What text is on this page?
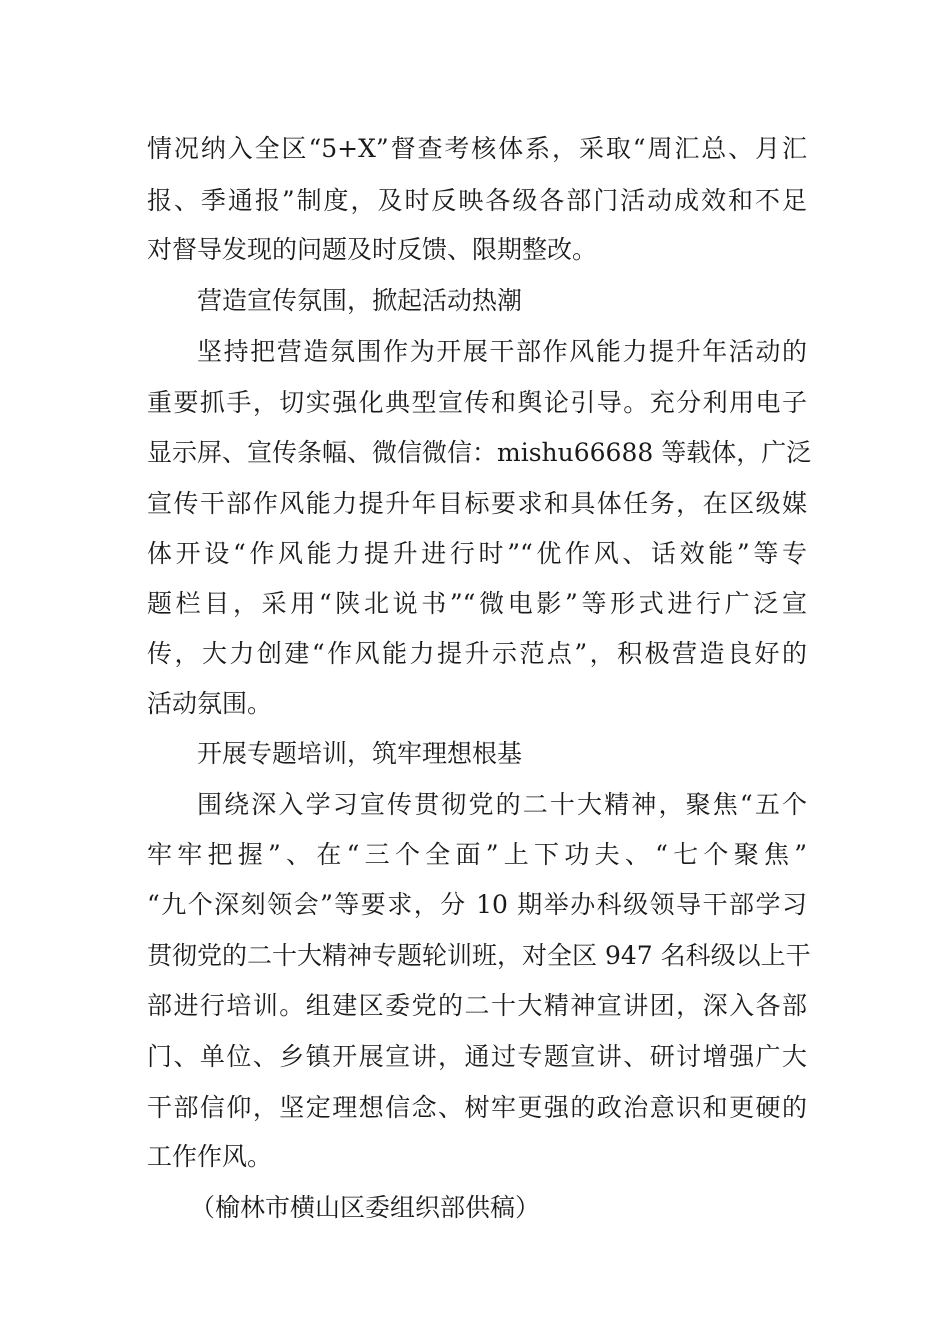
情况纳入全区“5+X”督查考核体系，采取“周汇总、月汇
报、季通报”制度，及时反映各级各部门活动成效和不足
对督导发现的问题及时反馈、限期整改。
营造宣传氛围，掀起活动热潮
坚持把营造氛围作为开展干部作风能力提升年活动的
重要抓手，切实强化典型宣传和舆论引导。充分利用电子
显示屏、宣传条幅、微信微信：mishu66688 等载体，广泛
宣传干部作风能力提升年目标要求和具体任务，在区级媒
体开设“作风能力提升进行时”“优作风、话效能”等专
题栏目，采用“陕北说书”“微电影”等形式进行广泛宣
传，大力创建“作风能力提升示范点”，积极营造良好的
活动氛围。
开展专题培训，筑牢理想根基
围绕深入学习宣传贯彻党的二十大精神，聚焦“五个
牢牢把握”、在“三个全面”上下功夫、“七个聚焦”
“九个深刻领会”等要求，分 10 期举办科级领导干部学习
贯彻党的二十大精神专题轮训班，对全区 947 名科级以上干
部进行培训。组建区委党的二十大精神宣讲团，深入各部
门、单位、乡镇开展宣讲，通过专题宣讲、研讨增强广大
干部信仰，坚定理想信念、树牢更强的政治意识和更硬的
工作作风。
（榆林市横山区委组织部供稿）
